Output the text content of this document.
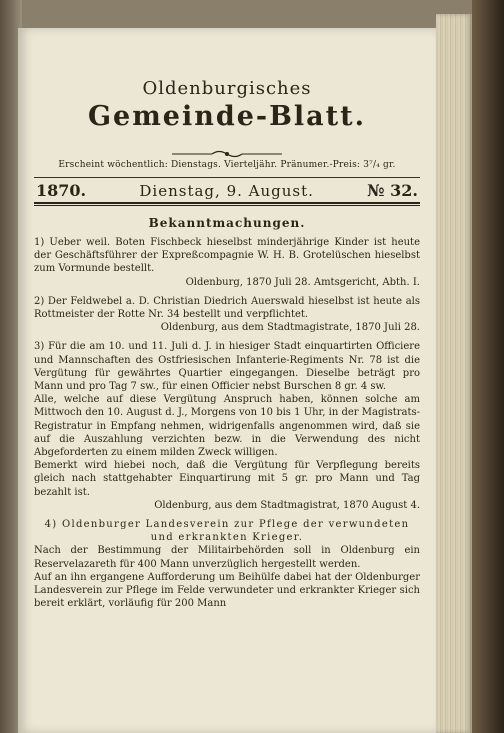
Oldenburgisches

Gemeinde-Blatt.

Erscheint wöchentlich: Dienstags. Vierteljähr. Pränumer.-Preis: 3⁷/₄ gr.

1870.	Dienstag, 9. August.	№ 32.

Bekanntmachungen.

1) Ueber weil. Boten Fischbeck hieselbst minderjährige Kinder ist heute der Geschäftsführer der Expreßcompagnie W. H. B. Grotelüschen hieselbst zum Vormunde bestellt.

Oldenburg, 1870 Juli 28. Amtsgericht, Abth. I.

2) Der Feldwebel a. D. Christian Diedrich Auerswald hieselbst ist heute als Rottmeister der Rotte Nr. 34 bestellt und verpflichtet.

Oldenburg, aus dem Stadtmagistrate, 1870 Juli 28.

3) Für die am 10. und 11. Juli d. J. in hiesiger Stadt einquartirten Officiere und Mannschaften des Ostfriesischen Infanterie-Regiments Nr. 78 ist die Vergütung für gewährtes Quartier eingegangen. Dieselbe beträgt pro Mann und pro Tag 7 sw., für einen Officier nebst Burschen 8 gr. 4 sw.

Alle, welche auf diese Vergütung Anspruch haben, können solche am Mittwoch den 10. August d. J., Morgens von 10 bis 1 Uhr, in der Magistrats-Registratur in Empfang nehmen, widrigenfalls angenommen wird, daß sie auf die Auszahlung verzichten bezw. in die Verwendung des nicht Abgeforderten zu einem milden Zweck willigen.

Bemerkt wird hiebei noch, daß die Vergütung für Verpflegung bereits gleich nach stattgehabter Einquartirung mit 5 gr. pro Mann und Tag bezahlt ist.

Oldenburg, aus dem Stadtmagistrat, 1870 August 4.

4) Oldenburger Landesverein zur Pflege der verwundeten und erkrankten Krieger.

Nach der Bestimmung der Militairbehörden soll in Oldenburg ein Reservelazareth für 400 Mann unverzüglich hergestellt werden.

Auf an ihn ergangene Aufforderung um Beihülfe dabei hat der Oldenburger Landesverein zur Pflege im Felde verwundeter und erkrankter Krieger sich bereit erklärt, vorläufig für 200 Mann
